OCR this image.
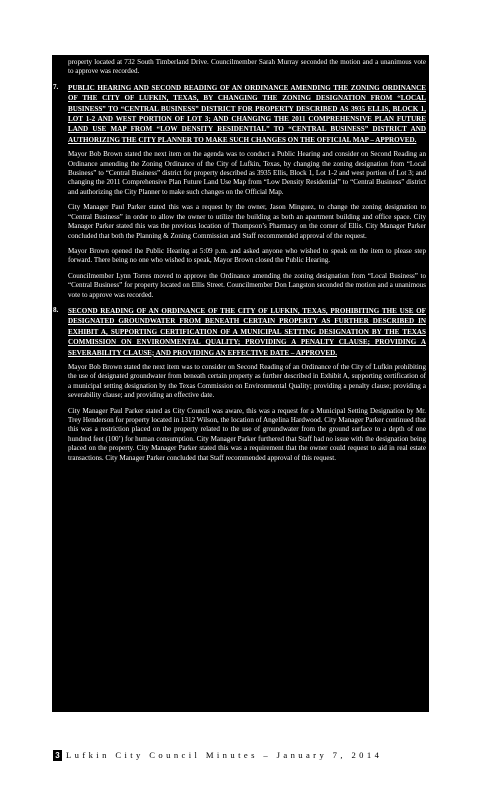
property located at 732 South Timberland Drive. Councilmember Sarah Murray seconded the motion and a unanimous vote to approve was recorded.

7. PUBLIC HEARING AND SECOND READING OF AN ORDINANCE AMENDING THE ZONING ORDINANCE OF THE CITY OF LUFKIN, TEXAS, BY CHANGING THE ZONING DESIGNATION FROM “LOCAL BUSINESS” TO “CENTRAL BUSINESS” DISTRICT FOR PROPERTY DESCRIBED AS 3935 ELLIS, BLOCK 1, LOT 1-2 AND WEST PORTION OF LOT 3; AND CHANGING THE 2011 COMPREHENSIVE PLAN FUTURE LAND USE MAP FROM “LOW DENSITY RESIDENTIAL” TO “CENTRAL BUSINESS” DISTRICT AND AUTHORIZING THE CITY PLANNER TO MAKE SUCH CHANGES ON THE OFFICIAL MAP – APPROVED.

Mayor Bob Brown stated the next item on the agenda was to conduct a Public Hearing and consider on Second Reading an Ordinance amending the Zoning Ordinance of the City of Lufkin, Texas, by changing the zoning designation from “Local Business” to “Central Business” district for property described as 3935 Ellis, Block 1, Lot 1-2 and west portion of Lot 3; and changing the 2011 Comprehensive Plan Future Land Use Map from “Low Density Residential” to “Central Business” district and authorizing the City Planner to make such changes on the Official Map.

City Manager Paul Parker stated this was a request by the owner, Jason Minguez, to change the zoning designation to “Central Business” in order to allow the owner to utilize the building as both an apartment building and office space. City Manager Parker stated this was the previous location of Thompson’s Pharmacy on the corner of Ellis. City Manager Parker concluded that both the Planning & Zoning Commission and Staff recommended approval of the request.

Mayor Brown opened the Public Hearing at 5:09 p.m. and asked anyone who wished to speak on the item to please step forward. There being no one who wished to speak, Mayor Brown closed the Public Hearing.

Councilmember Lynn Torres moved to approve the Ordinance amending the zoning designation from “Local Business” to “Central Business” for property located on Ellis Street. Councilmember Don Langston seconded the motion and a unanimous vote to approve was recorded.

8. SECOND READING OF AN ORDINANCE OF THE CITY OF LUFKIN, TEXAS, PROHIBITING THE USE OF DESIGNATED GROUNDWATER FROM BENEATH CERTAIN PROPERTY AS FURTHER DESCRIBED IN EXHIBIT A, SUPPORTING CERTIFICATION OF A MUNICIPAL SETTING DESIGNATION BY THE TEXAS COMMISSION ON ENVIRONMENTAL QUALITY; PROVIDING A PENALTY CLAUSE; PROVIDING A SEVERABILITY CLAUSE; AND PROVIDING AN EFFECTIVE DATE – APPROVED.

Mayor Bob Brown stated the next item was to consider on Second Reading of an Ordinance of the City of Lufkin prohibiting the use of designated groundwater from beneath certain property as further described in Exhibit A, supporting certification of a municipal setting designation by the Texas Commission on Environmental Quality; providing a penalty clause; providing a severability clause; and providing an effective date.

City Manager Paul Parker stated as City Council was aware, this was a request for a Municipal Setting Designation by Mr. Trey Henderson for property located in 1312 Wilson, the location of Angelina Hardwood. City Manager Parker continued that this was a restriction placed on the property related to the use of groundwater from the ground surface to a depth of one hundred feet (100’) for human consumption. City Manager Parker furthered that Staff had no issue with the designation being placed on the property. City Manager Parker stated this was a requirement that the owner could request to aid in real estate transactions. City Manager Parker concluded that Staff recommended approval of this request.

3 Lufkin City Council Minutes – January 7, 2014
